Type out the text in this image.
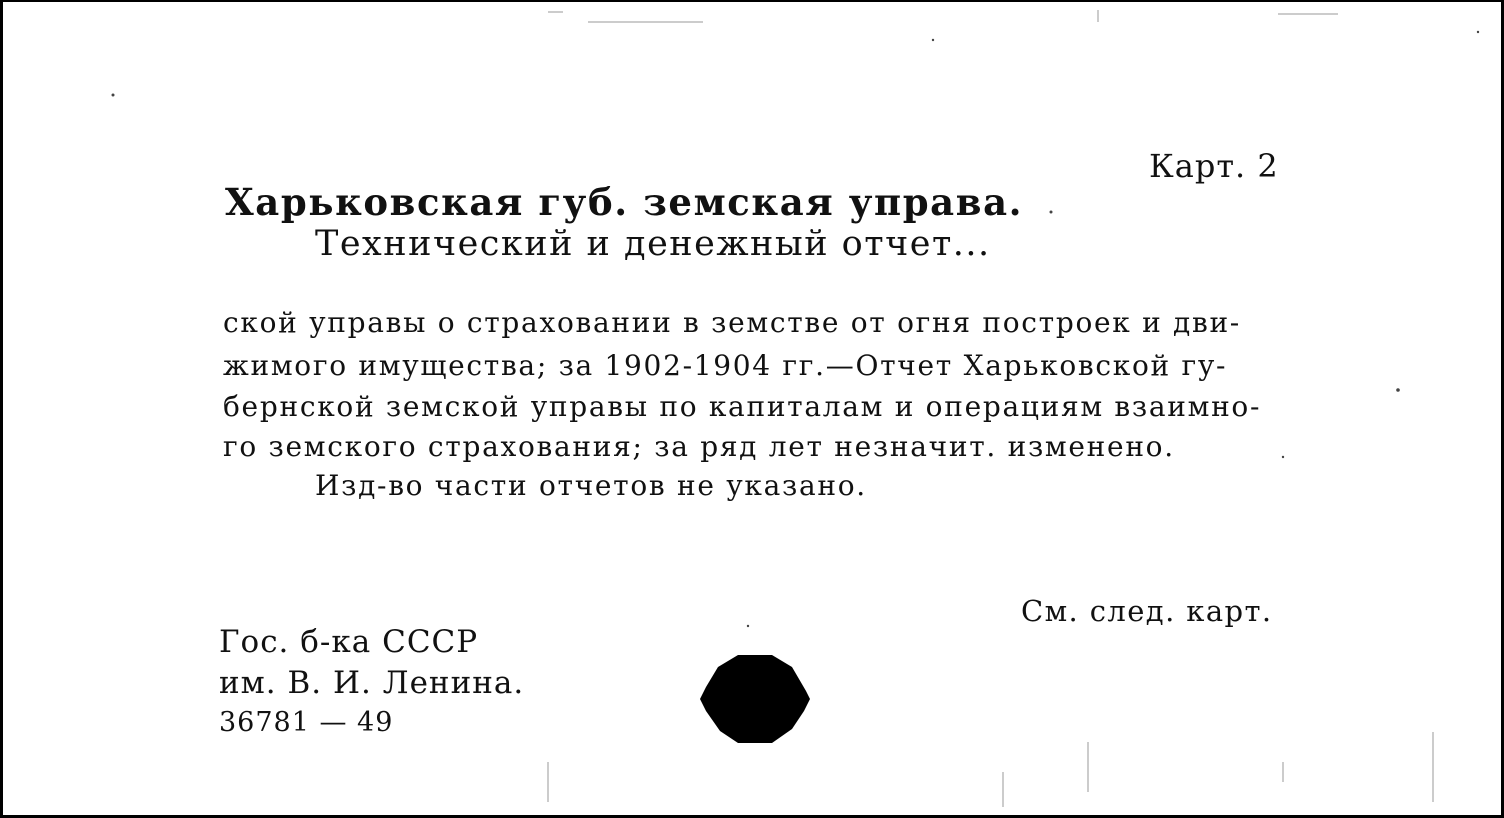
Карт. 2
Харьковская губ. земская управа.
Технический и денежный отчет...
ской управы о страховании в земстве от огня построек и дви-
жимого имущества; за 1902-1904 гг.—Отчет Харьковской гу-
бернской земской управы по капиталам и операциям взаимно-
го земского страхования; за ряд лет незначит. изменено.
Изд-во части отчетов не указано.
См. след. карт.
Гос. б-ка СССР
им. В. И. Ленина.
36781 — 49
